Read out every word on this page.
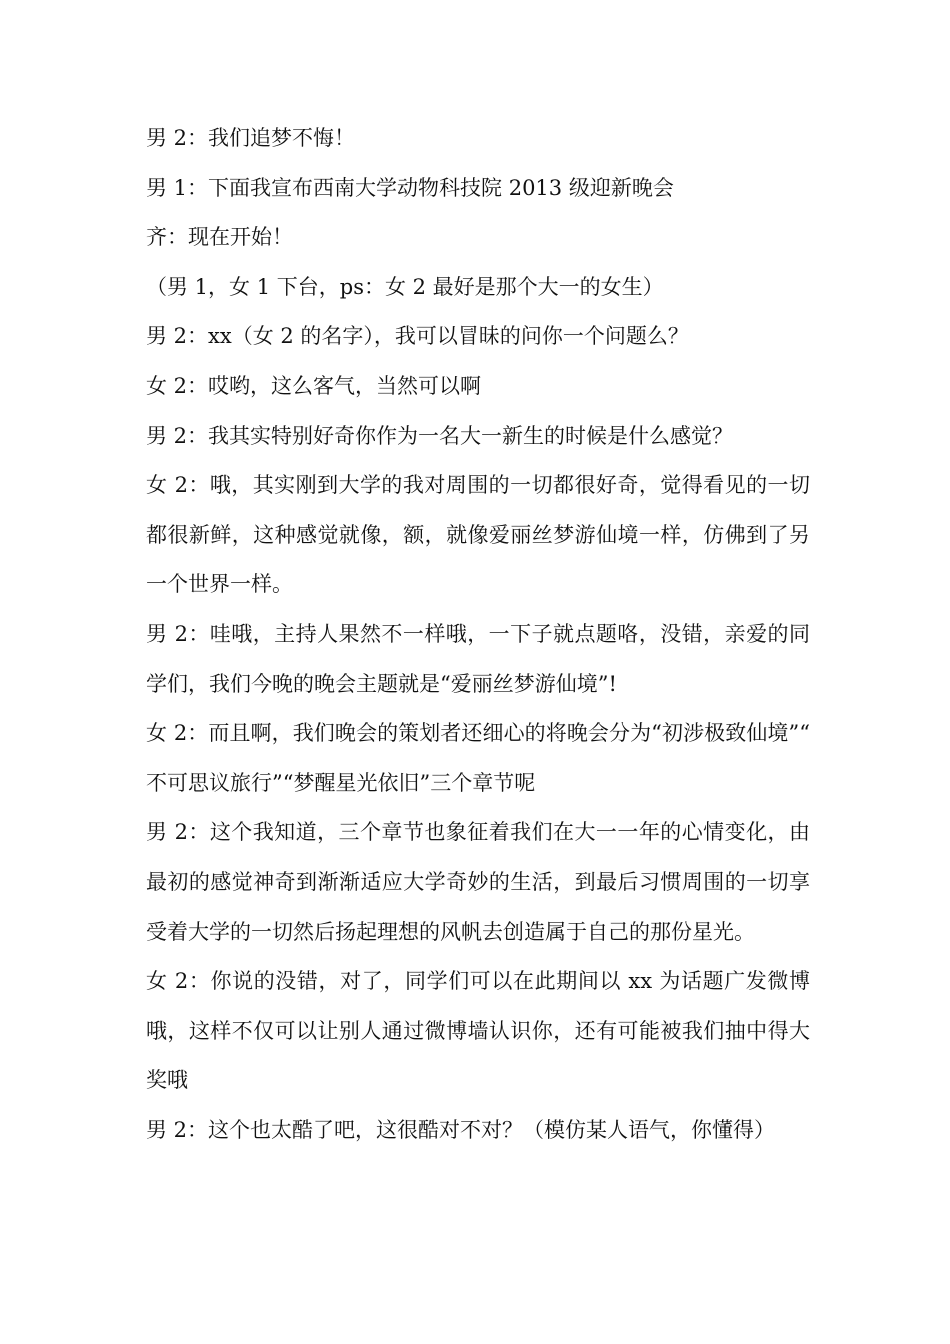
男 2：我们追梦不悔！

男 1：下面我宣布西南大学动物科技院 2013 级迎新晚会

齐：现在开始！

（男 1，女 1 下台，ps：女 2 最好是那个大一的女生）

男 2：xx（女 2 的名字），我可以冒昧的问你一个问题么？

女 2：哎哟，这么客气，当然可以啊

男 2：我其实特别好奇你作为一名大一新生的时候是什么感觉？

女 2：哦，其实刚到大学的我对周围的一切都很好奇，觉得看见的一切都很新鲜，这种感觉就像，额，就像爱丽丝梦游仙境一样，仿佛到了另一个世界一样。

男 2：哇哦，主持人果然不一样哦，一下子就点题咯，没错，亲爱的同学们，我们今晚的晚会主题就是“爱丽丝梦游仙境”!

女 2：而且啊，我们晚会的策划者还细心的将晚会分为“初涉极致仙境”“ 不可思议旅行”“梦醒星光依旧”三个章节呢

男 2：这个我知道，三个章节也象征着我们在大一一年的心情变化，由最初的感觉神奇到渐渐适应大学奇妙的生活，到最后习惯周围的一切享受着大学的一切然后扬起理想的风帆去创造属于自己的那份星光。

女 2：你说的没错，对了，同学们可以在此期间以 xx 为话题广发微博哦，这样不仅可以让别人通过微博墙认识你，还有可能被我们抽中得大奖哦

男 2：这个也太酷了吧，这很酷对不对？（模仿某人语气，你懂得）
